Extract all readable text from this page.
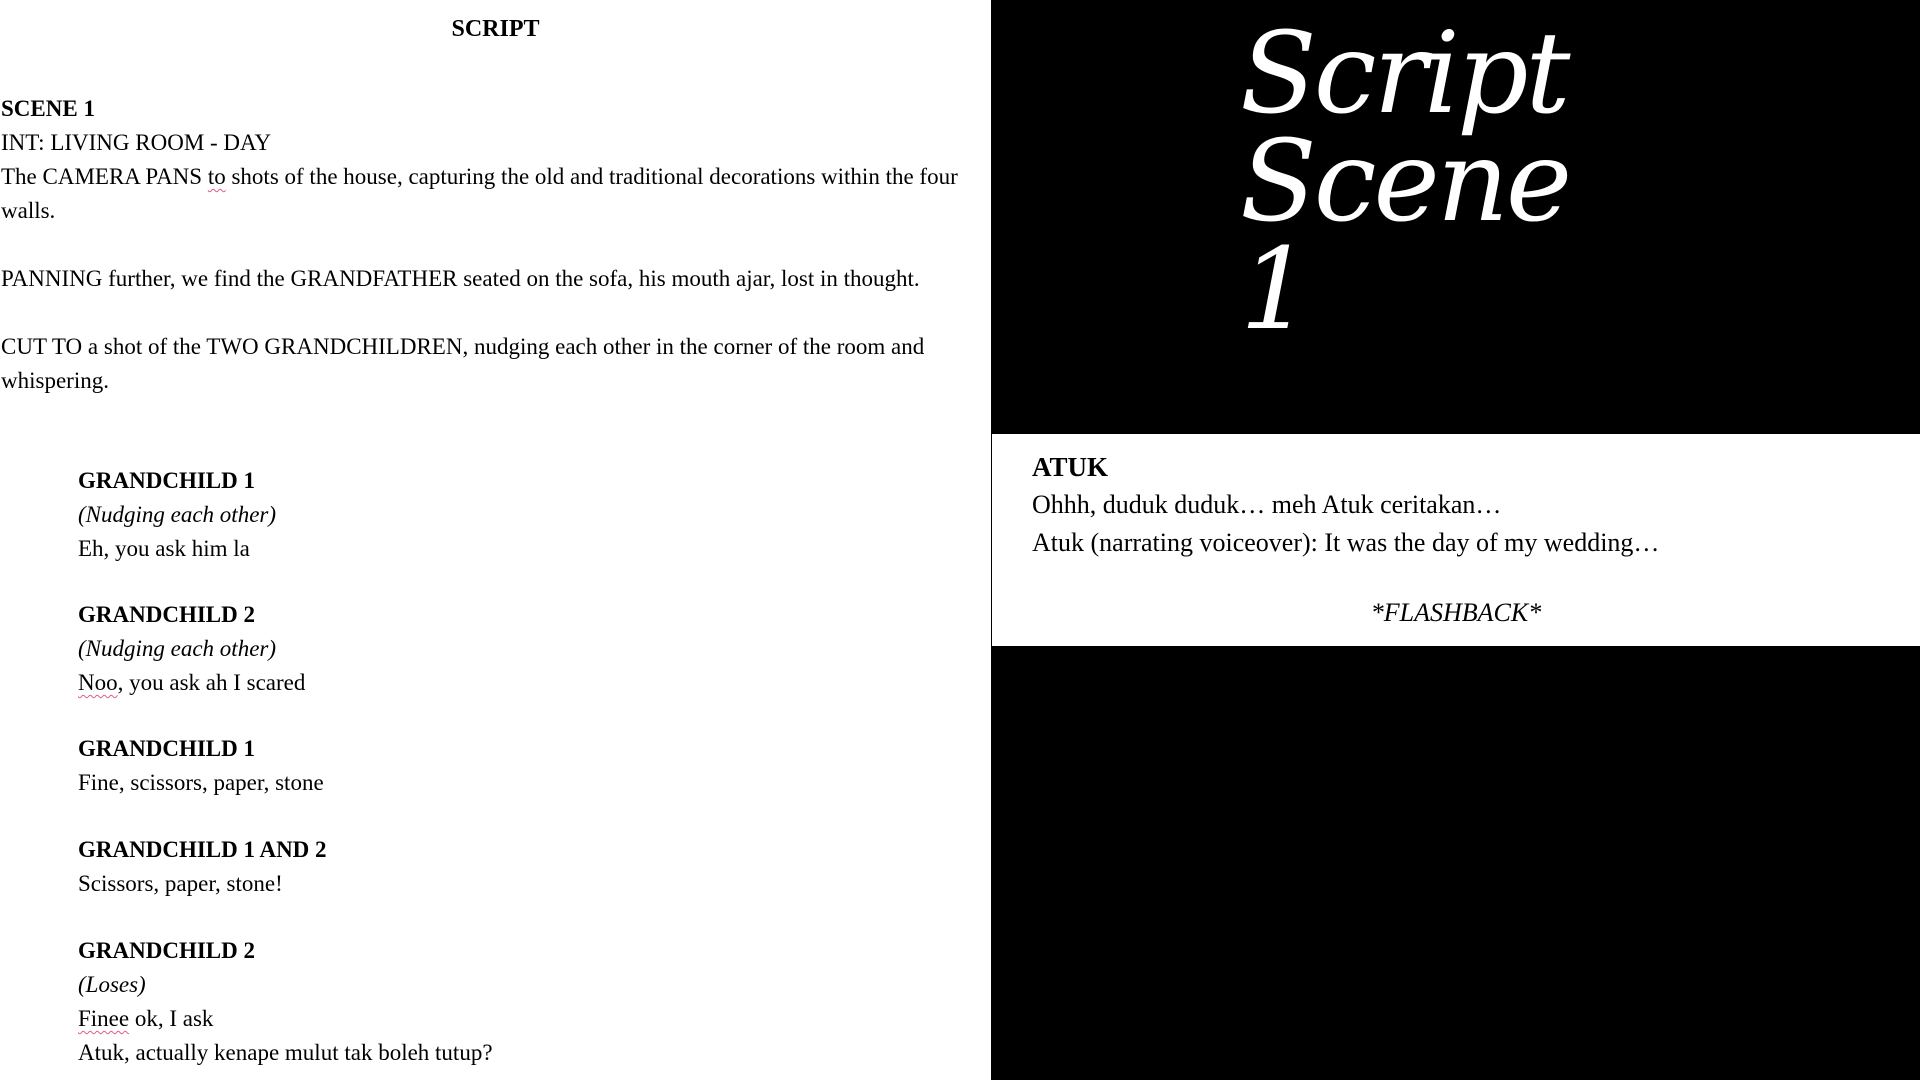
SCRIPT
SCENE 1
INT: LIVING ROOM - DAY

The CAMERA PANS to shots of the house, capturing the old and traditional decorations within the four walls.

PANNING further, we find the GRANDFATHER seated on the sofa, his mouth ajar, lost in thought.

CUT TO a shot of the TWO GRANDCHILDREN, nudging each other in the corner of the room and whispering.

GRANDCHILD 1
(Nudging each other)
Eh, you ask him la
GRANDCHILD 2
(Nudging each other)
Noo, you ask ah I scared
GRANDCHILD 1
Fine, scissors, paper, stone
GRANDCHILD 1 AND 2
Scissors, paper, stone!
GRANDCHILD 2
(Loses)
Finee ok, I ask
Atuk, actually kenape mulut tak boleh tutup?
Script
Scene 1
ATUK
Ohhh, duduk duduk… meh Atuk ceritakan…
Atuk (narrating voiceover): It was the day of my wedding…
*FLASHBACK*
